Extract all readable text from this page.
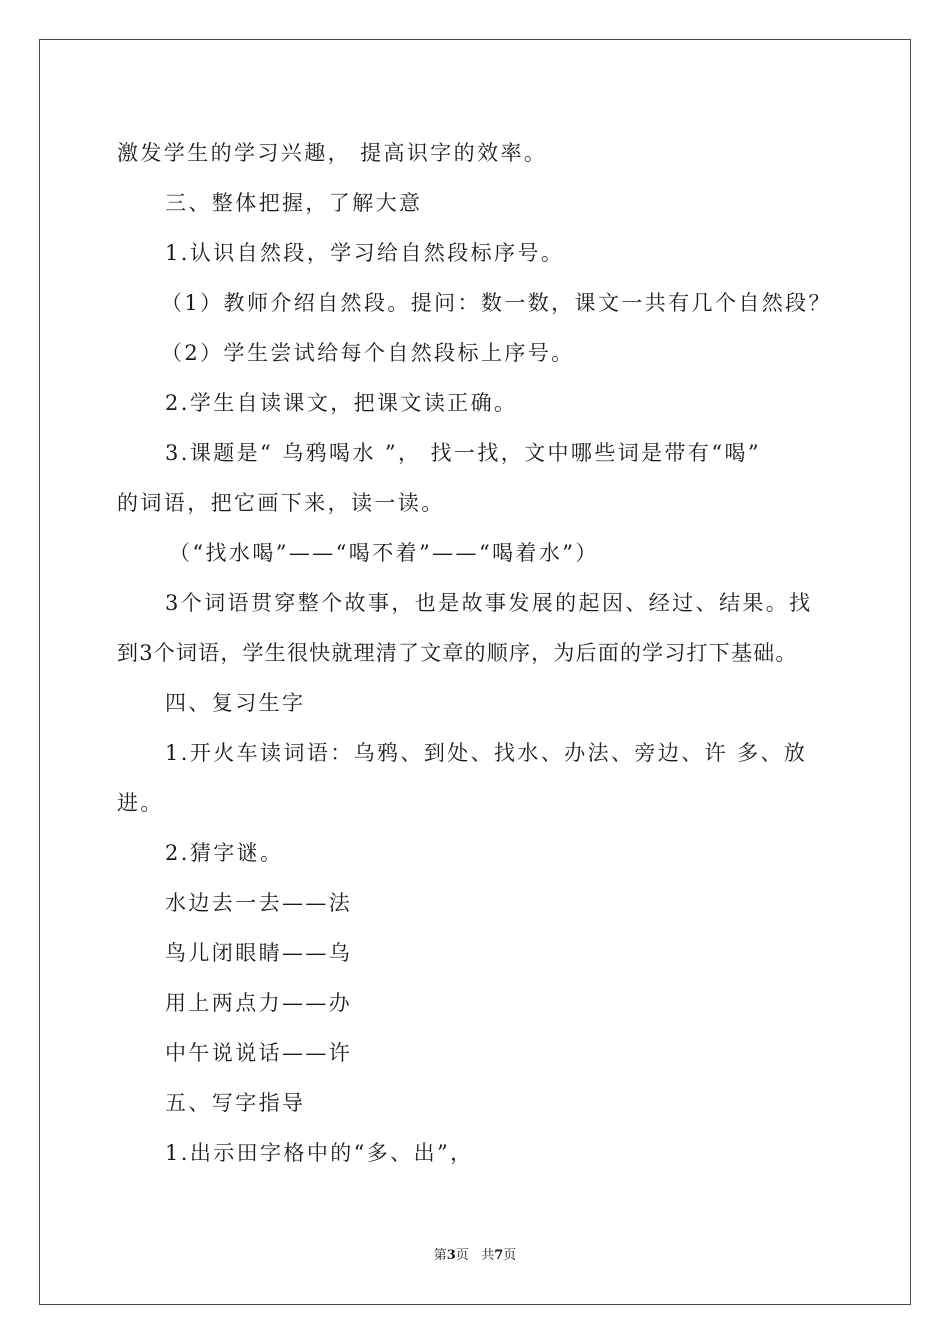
激发学生的学习兴趣， 提高识字的效率。
三、整体把握，了解大意
1.认识自然段，学习给自然段标序号。
（1）教师介绍自然段。提问：数一数，课文一共有几个自然段？
（2）学生尝试给每个自然段标上序号。
2.学生自读课文，把课文读正确。
3.课题是“ 乌鸦喝水 ”， 找一找，文中哪些词是带有“喝”
的词语，把它画下来，读一读。
（“找水喝”——“喝不着”——“喝着水”）
3个词语贯穿整个故事，也是故事发展的起因、经过、结果。找
到3个词语，学生很快就理清了文章的顺序，为后面的学习打下基础。
四、复习生字
1.开火车读词语：乌鸦、到处、找水、办法、旁边、许 多、放
进。
2.猜字谜。
水边去一去——法
鸟儿闭眼睛——乌
用上两点力——办
中午说说话——许
五、写字指导
1.出示田字格中的“多、出”，
第3页 共7页
